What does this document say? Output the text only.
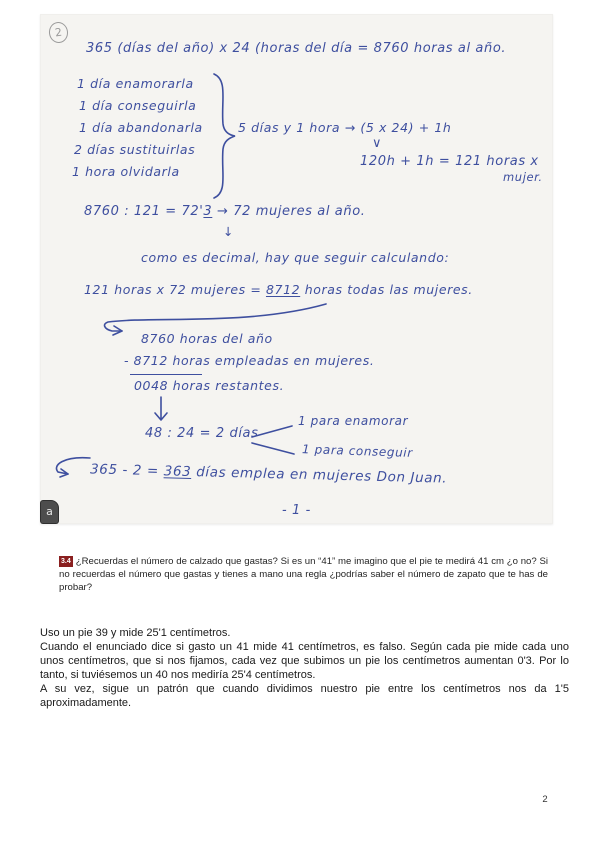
2
365 (días del año) x 24 (horas del día = 8760 horas al año.
1 día enamorarla
1 día conseguirla
1 día abandonarla
2 días sustituirlas
1 hora olvidarla
5 días y 1 hora → (5 x 24) + 1h
∨
120h + 1h = 121 horas x
mujer.
8760 : 121 = 72'3 → 72 mujeres al año.
↓
como es decimal, hay que seguir calculando:
121 horas x 72 mujeres = 8712 horas todas las mujeres.
8760 horas del año
- 8712 horas empleadas en mujeres.
0048 horas restantes.
48 : 24 = 2 días
1 para enamorar
1 para conseguir
365 - 2 = 363 días emplea en mujeres Don Juan.
- 1 -
a

3.4 ¿Recuerdas el número de calzado que gastas? Si es un “41” me imagino que el pie te medirá 41 cm ¿o no? Si no recuerdas el número que gastas y tienes a mano una regla ¿podrías saber el número de zapato que te has de probar?

Uso un pie 39 y mide 25'1 centímetros.

Cuando el enunciado dice si gasto un 41 mide 41 centímetros, es falso. Según cada pie mide cada uno unos centímetros, que si nos fijamos, cada vez que subimos un pie los centímetros aumentan 0'3. Por lo tanto, si tuviésemos un 40 nos mediría 25'4 centímetros.

A su vez, sigue un patrón que cuando dividimos nuestro pie entre los centímetros nos da 1'5 aproximadamente.

2
